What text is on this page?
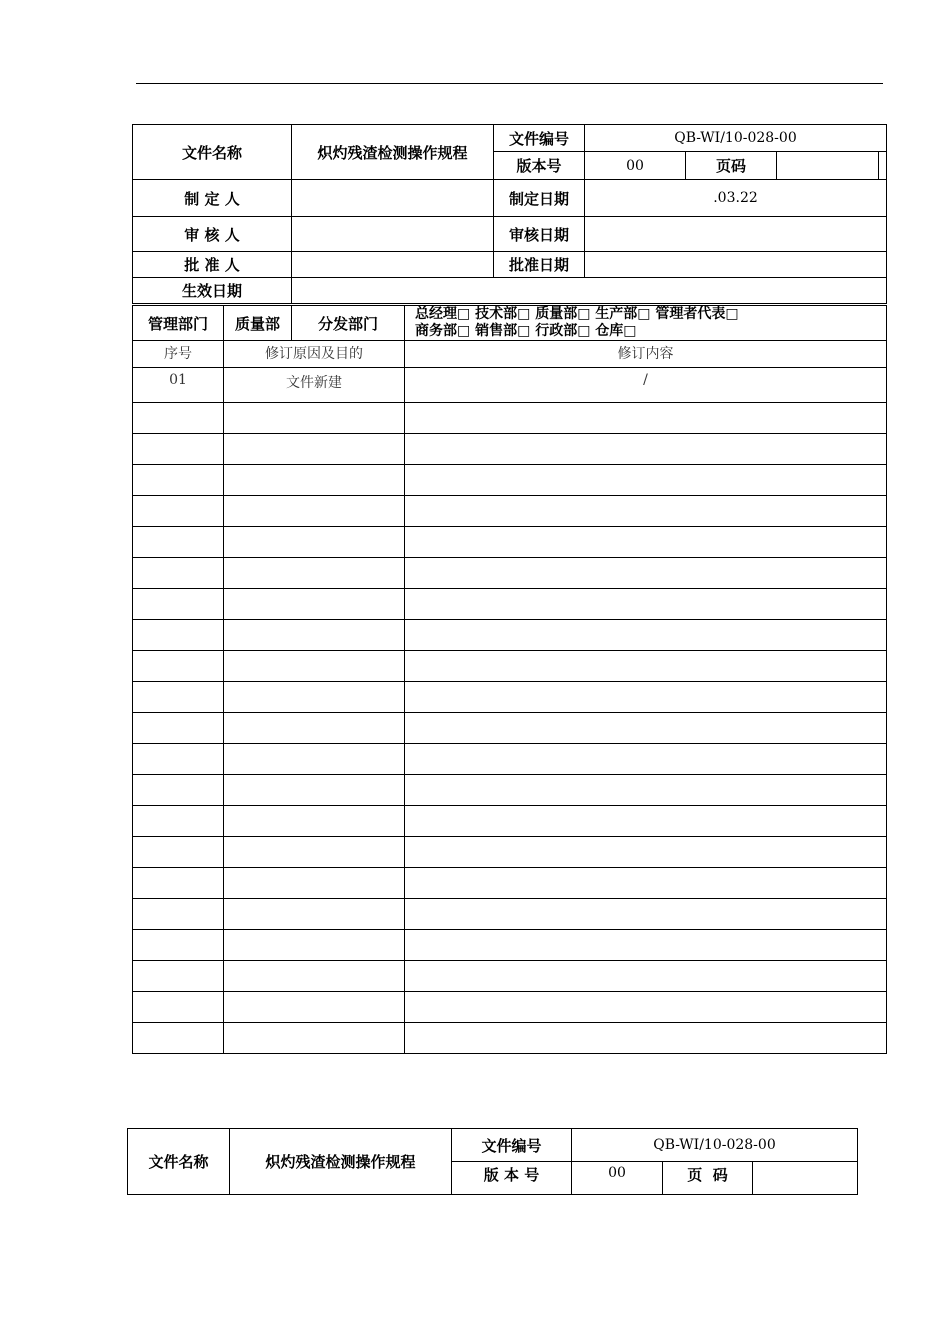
文件名称	炽灼残渣检测操作规程	文件编号	QB-WI/10-028-00			
		版本号	00	页码		
制 定 人		制定日期	.03.22
审 核 人		审核日期	
批 准 人		批准日期	
生效日期			
管理部门	质量部	分发部门	总经理□ 技术部□ 质量部□ 生产部□ 管理者代表□
商务部□ 销售部□ 行政部□ 仓库□

序号	修订原因及目的		修订内容
01	文件新建		/

文件名称	炽灼残渣检测操作规程	文件编号	QB-WI/10-028-00		
		版 本 号	00	页  码	
